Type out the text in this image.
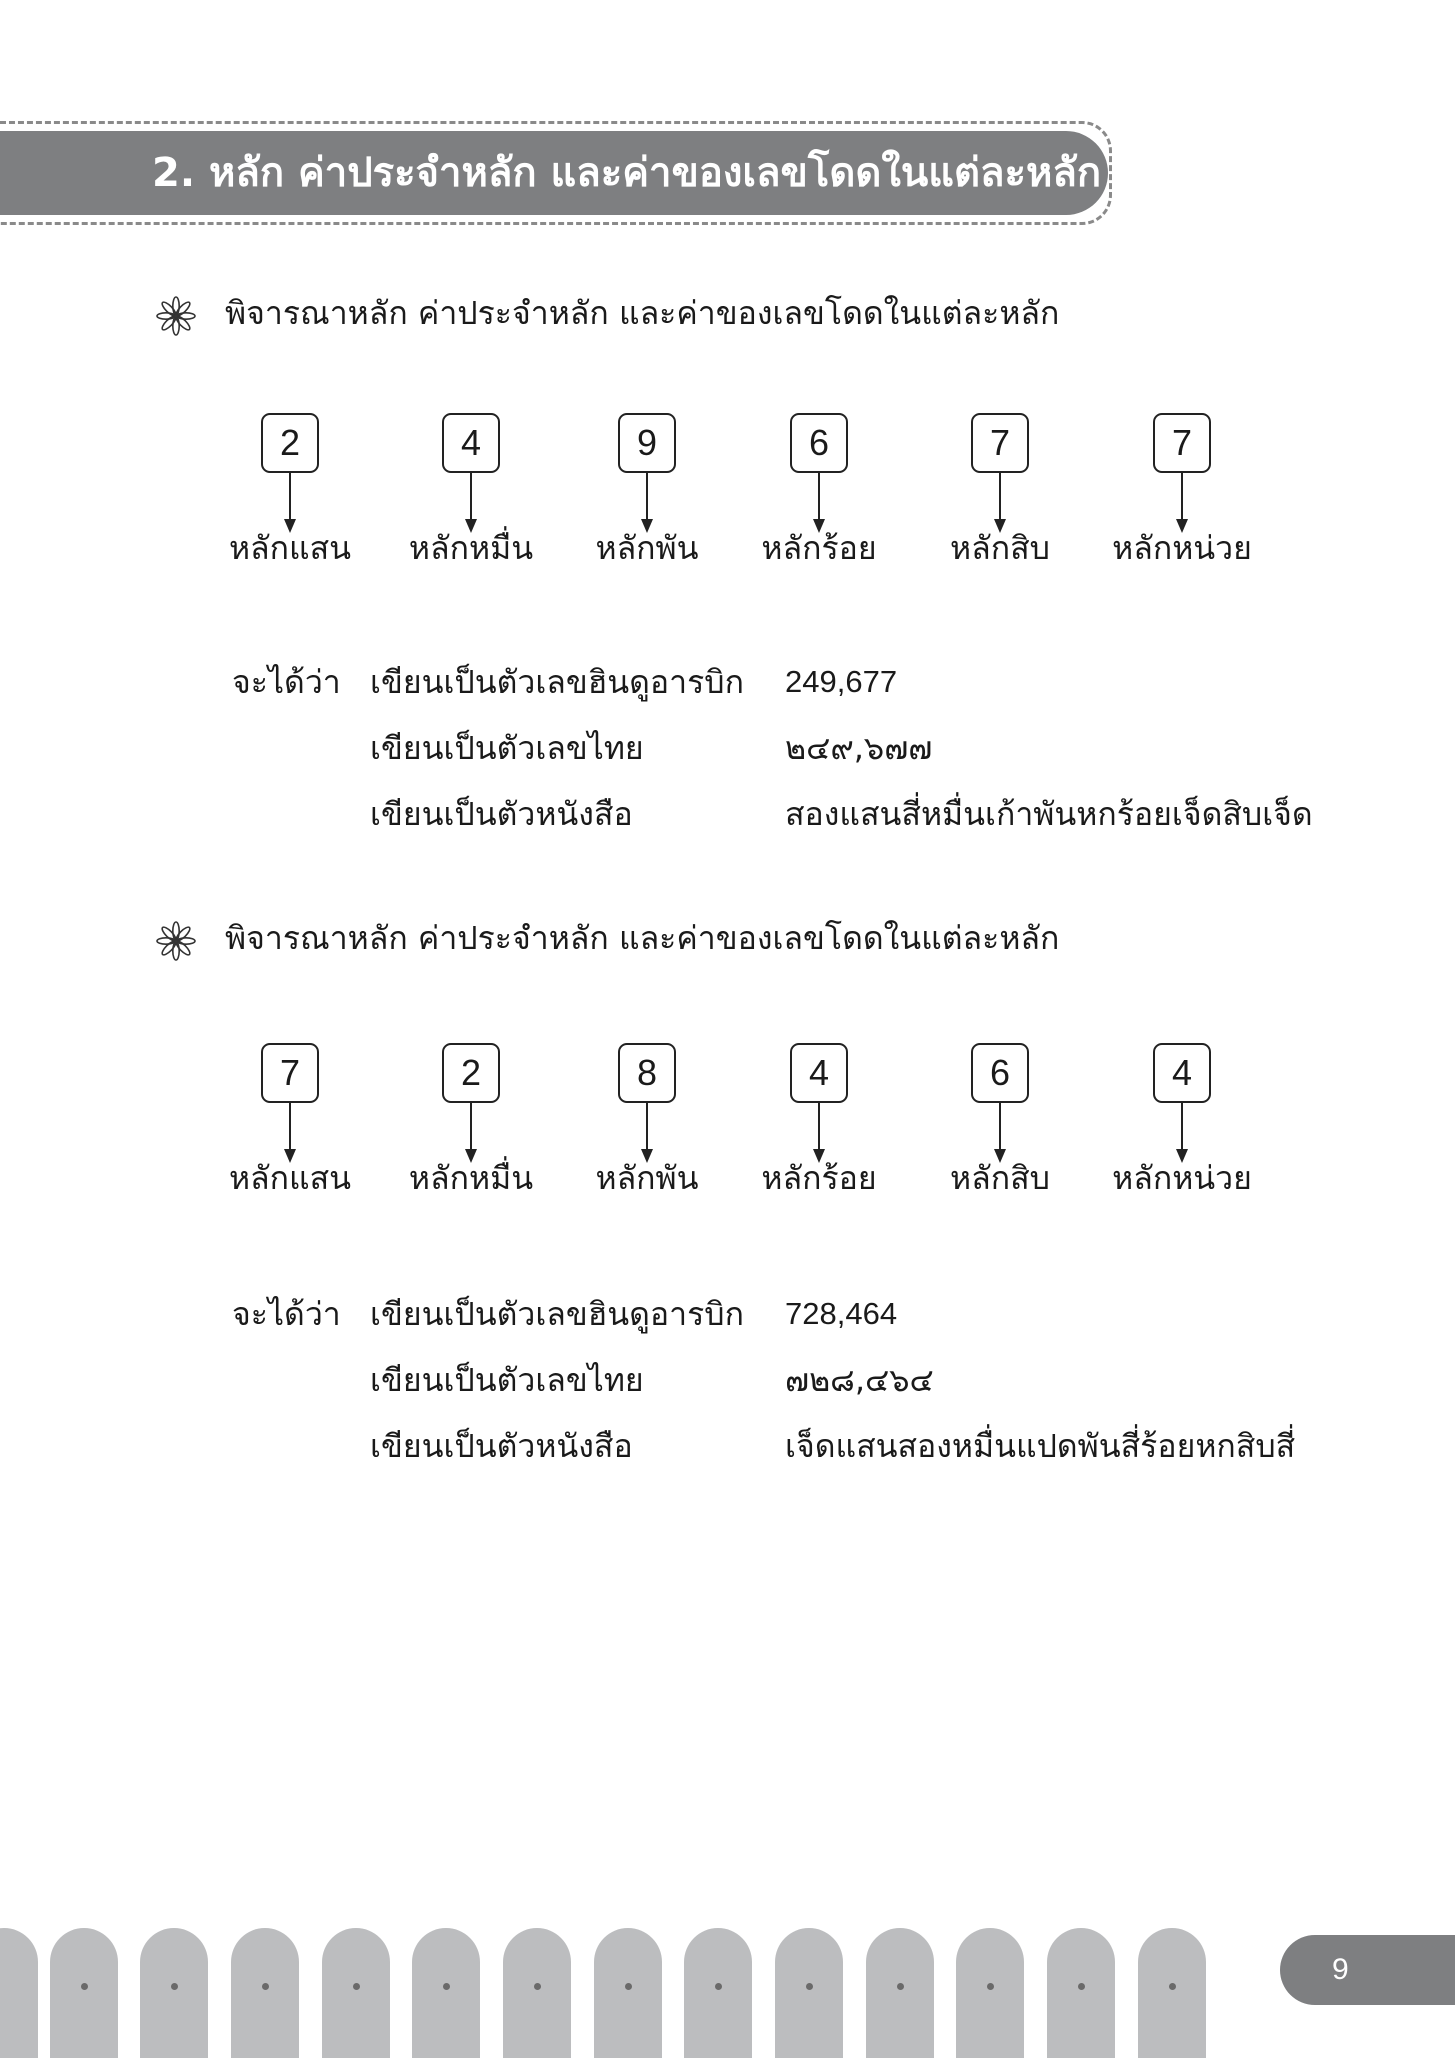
2. หลัก ค่าประจำหลัก และค่าของเลขโดดในแต่ละหลัก
พิจารณาหลัก ค่าประจำหลัก และค่าของเลขโดดในแต่ละหลัก
2
หลักแสน
4
หลักหมื่น
9
หลักพัน
6
หลักร้อย
7
หลักสิบ
7
หลักหน่วย
จะได้ว่า เขียนเป็นตัวเลขฮินดูอารบิก 249,677
เขียนเป็นตัวเลขไทย	๒๔๙,๖๗๗
เขียนเป็นตัวหนังสือ	สองแสนสี่หมื่นเก้าพันหกร้อยเจ็ดสิบเจ็ด
พิจารณาหลัก ค่าประจำหลัก และค่าของเลขโดดในแต่ละหลัก
7
หลักแสน
2
หลักหมื่น
8
หลักพัน
4
หลักร้อย
6
หลักสิบ
4
หลักหน่วย
จะได้ว่า เขียนเป็นตัวเลขฮินดูอารบิก 728,464
เขียนเป็นตัวเลขไทย	๗๒๘,๔๖๔
เขียนเป็นตัวหนังสือ	เจ็ดแสนสองหมื่นแปดพันสี่ร้อยหกสิบสี่
9
